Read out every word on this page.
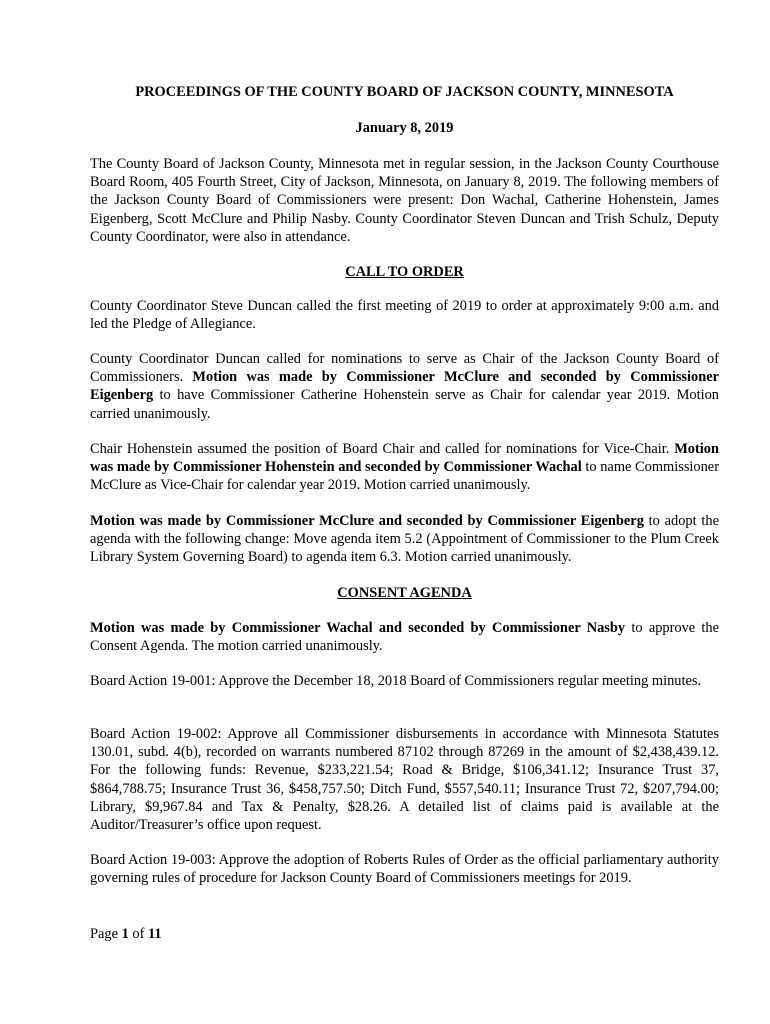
PROCEEDINGS OF THE COUNTY BOARD OF JACKSON COUNTY, MINNESOTA

January 8, 2019

The County Board of Jackson County, Minnesota met in regular session, in the Jackson County Courthouse Board Room, 405 Fourth Street, City of Jackson, Minnesota, on January 8, 2019. The following members of the Jackson County Board of Commissioners were present: Don Wachal, Catherine Hohenstein, James Eigenberg, Scott McClure and Philip Nasby. County Coordinator Steven Duncan and Trish Schulz, Deputy County Coordinator, were also in attendance.

CALL TO ORDER

County Coordinator Steve Duncan called the first meeting of 2019 to order at approximately 9:00 a.m. and led the Pledge of Allegiance.

County Coordinator Duncan called for nominations to serve as Chair of the Jackson County Board of Commissioners. Motion was made by Commissioner McClure and seconded by Commissioner Eigenberg to have Commissioner Catherine Hohenstein serve as Chair for calendar year 2019. Motion carried unanimously.

Chair Hohenstein assumed the position of Board Chair and called for nominations for Vice-Chair. Motion was made by Commissioner Hohenstein and seconded by Commissioner Wachal to name Commissioner McClure as Vice-Chair for calendar year 2019. Motion carried unanimously.

Motion was made by Commissioner McClure and seconded by Commissioner Eigenberg to adopt the agenda with the following change: Move agenda item 5.2 (Appointment of Commissioner to the Plum Creek Library System Governing Board) to agenda item 6.3. Motion carried unanimously.

CONSENT AGENDA

Motion was made by Commissioner Wachal and seconded by Commissioner Nasby to approve the Consent Agenda. The motion carried unanimously.

Board Action 19-001: Approve the December 18, 2018 Board of Commissioners regular meeting minutes.

Board Action 19-002: Approve all Commissioner disbursements in accordance with Minnesota Statutes 130.01, subd. 4(b), recorded on warrants numbered 87102 through 87269 in the amount of $2,438,439.12. For the following funds: Revenue, $233,221.54; Road & Bridge, $106,341.12; Insurance Trust 37, $864,788.75; Insurance Trust 36, $458,757.50; Ditch Fund, $557,540.11; Insurance Trust 72, $207,794.00; Library, $9,967.84 and Tax & Penalty, $28.26. A detailed list of claims paid is available at the Auditor/Treasurer’s office upon request.

Board Action 19-003: Approve the adoption of Roberts Rules of Order as the official parliamentary authority governing rules of procedure for Jackson County Board of Commissioners meetings for 2019.

Page 1 of 11
